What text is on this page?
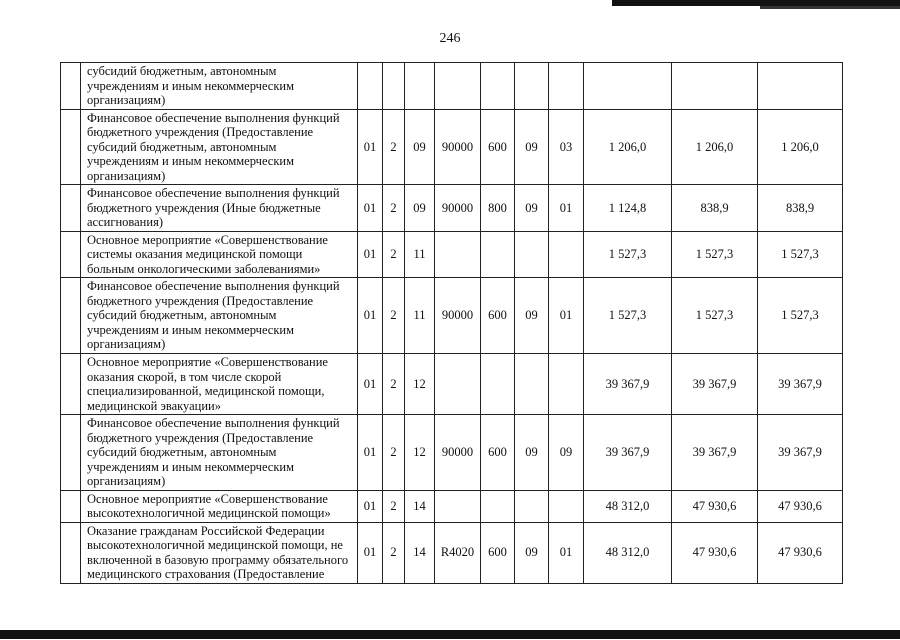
246
	субсидий бюджетным, автономным учреждениям и иным некоммерческим организациям)										
	Финансовое обеспечение выполнения функций бюджетного учреждения (Предоставление субсидий бюджетным, автономным учреждениям и иным некоммерческим организациям)	01	2	09	90000	600	09	03	1 206,0	1 206,0	1 206,0
	Финансовое обеспечение выполнения функций бюджетного учреждения (Иные бюджетные ассигнования)	01	2	09	90000	800	09	01	1 124,8	838,9	838,9
	Основное мероприятие «Совершенствование системы оказания медицинской помощи больным онкологическими заболеваниями»	01	2	11					1 527,3	1 527,3	1 527,3
	Финансовое обеспечение выполнения функций бюджетного учреждения (Предоставление субсидий бюджетным, автономным учреждениям и иным некоммерческим организациям)	01	2	11	90000	600	09	01	1 527,3	1 527,3	1 527,3
	Основное мероприятие «Совершенствование оказания скорой, в том числе скорой специализированной, медицинской помощи, медицинской эвакуации»	01	2	12					39 367,9	39 367,9	39 367,9
	Финансовое обеспечение выполнения функций бюджетного учреждения (Предоставление субсидий бюджетным, автономным учреждениям и иным некоммерческим организациям)	01	2	12	90000	600	09	09	39 367,9	39 367,9	39 367,9
	Основное мероприятие «Совершенствование высокотехнологичной медицинской помощи»	01	2	14					48 312,0	47 930,6	47 930,6
	Оказание гражданам Российской Федерации высокотехнологичной медицинской помощи, не включенной в базовую программу обязательного медицинского страхования (Предоставление	01	2	14	R4020	600	09	01	48 312,0	47 930,6	47 930,6
